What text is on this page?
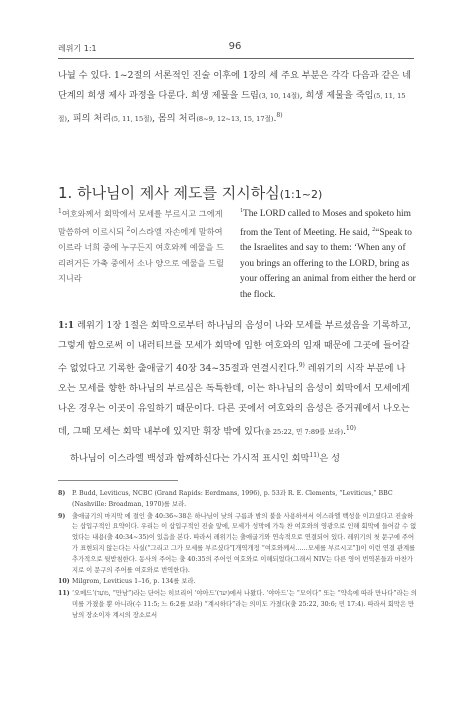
레위기 1:1	96

나뉠 수 있다. 1~2절의 서론적인 진술 이후에 1장의 세 주요 부분은 각각 다음과 같은 네 단계의 희생 제사 과정을 다룬다. 희생 제물을 드림(3, 10, 14절), 희생 제물을 죽임(5, 11, 15절), 피의 처리(5, 11, 15절), 몸의 처리(8~9, 12~13, 15, 17절).$^{8)}$

1. 하나님이 제사 제도를 지시하심(1:1~2)

$^1$여호와께서 회막에서 모세를 부르시고 그에게 말씀하여 이르시되 $^2$이스라엘 자손에게 말하여 이르라 너희 중에 누구든지 여호와께 예물을 드리려거든 가축 중에서 소나 양으로 예물을 드릴지니라

$^1$The LORD called to Moses and spoketo him from the Tent of Meeting. He said, $^2$“Speak to the Israelites and say to them: ‘When any of you brings an offering to the LORD, bring as your offering an animal from either the herd or the flock.

1:1 레위기 1장 1절은 회막으로부터 하나님의 음성이 나와 모세를 부르셨음을 기록하고, 그렇게 함으로써 이 내러티브를 모세가 회막에 임한 여호와의 임재 때문에 그곳에 들어갈 수 없었다고 기록한 출애굽기 40장 34~35절과 연결시킨다.$^{9)}$ 레위기의 시작 부분에 나오는 모세를 향한 하나님의 부르심은 독특한데, 이는 하나님의 음성이 회막에서 모세에게 나온 경우는 이곳이 유일하기 때문이다. 다른 곳에서 여호와의 음성은 증거궤에서 나오는데, 그때 모세는 회막 내부에 있지만 휘장 밖에 있다(출 25:22, 민 7:89를 보라).$^{10)}$

하나님이 이스라엘 백성과 함께하신다는 가시적 표시인 회막$^{11)}$은 성

8)	P. Budd, Leviticus, NCBC (Grand Rapids: Eerdmans, 1996), p. 53과 R. E. Clements, “Leviticus,” BBC (Nashville: Broadman, 1970)를 보라.
9)	출애굽기의 마지막 에 절인 출 40:36~38은 하나님이 낮의 구름과 밤의 불을 사용하셔서 이스라엘 백성을 이끄셨다고 진술하는 삽입구적인 요약이다. 우리는 이 삽입구적인 진술 앞에, 모세가 성막에 가득 찬 여호와의 영광으로 인해 회막에 들어갈 수 없었다는 내용(출 40:34~35)이 있음을 본다. 따라서 레위기는 출애굽기와 연속적으로 연결되어 있다. 레위기의 첫 문구에 주어가 표현되지 않는다는 사실(“그리고 그가 모세를 부르셨다”[개역개정 “여호와께서……모세를 부르시고”])이 이런 연결 관계를 추가적으로 뒷받침한다. 동사의 주어는 출 40:35의 주어인 여호와로 이해되었다(그래서 NIV는 다른 영어 번역본들과 마찬가지로 이 문구의 주어를 여호와로 번역한다).
10) Milgrom, Leviticus 1–16, p. 134를 보라.
11) ‘오메드’(מוֹעֵד, “만남”)라는 단어는 히브리어 ‘야아드’(יעד)에서 나왔다. ‘야아드’는 “모이다” 또는 “약속에 따라 만나다”라는 의미를 가졌을 뿐 아니라(수 11:5; 느 6:2를 보라) “계시하다”라는 의미도 가졌다(출 25:22, 30:6; 민 17:4). 따라서 회막은 만남의 장소이자 계시의 장소로서
